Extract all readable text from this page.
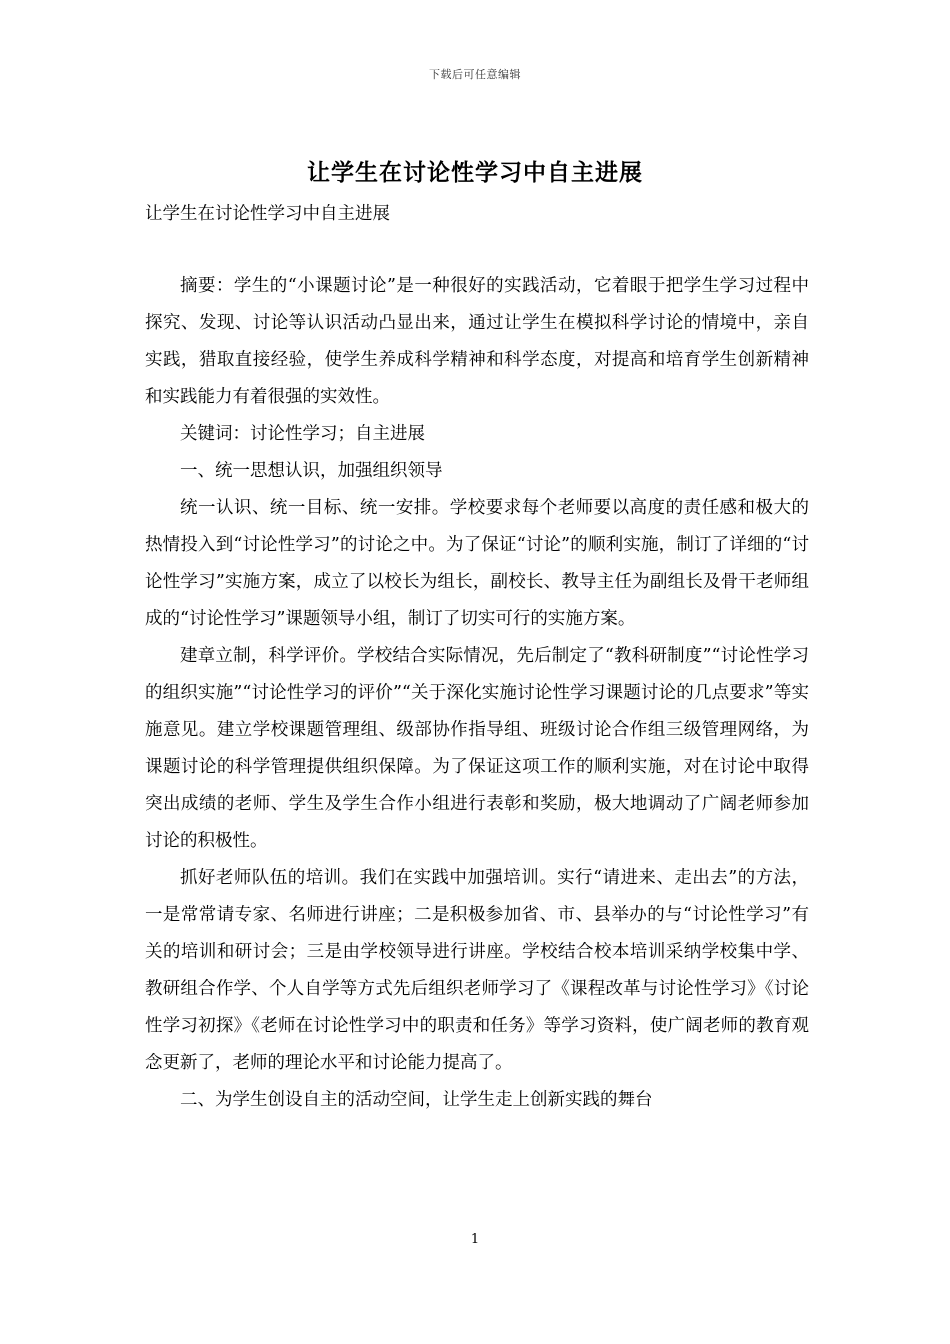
下载后可任意编辑
让学生在讨论性学习中自主进展

让学生在讨论性学习中自主进展

摘要：学生的“小课题讨论”是一种很好的实践活动，它着眼于把学生学习过程中探究、发现、讨论等认识活动凸显出来，通过让学生在模拟科学讨论的情境中，亲自实践，猎取直接经验，使学生养成科学精神和科学态度，对提高和培育学生创新精神和实践能力有着很强的实效性。

关键词：讨论性学习；自主进展

一、统一思想认识，加强组织领导

统一认识、统一目标、统一安排。学校要求每个老师要以高度的责任感和极大的热情投入到“讨论性学习”的讨论之中。为了保证“讨论”的顺利实施，制订了详细的“讨论性学习”实施方案，成立了以校长为组长，副校长、教导主任为副组长及骨干老师组成的“讨论性学习”课题领导小组，制订了切实可行的实施方案。

建章立制，科学评价。学校结合实际情况，先后制定了“教科研制度”“讨论性学习的组织实施”“讨论性学习的评价”“关于深化实施讨论性学习课题讨论的几点要求”等实施意见。建立学校课题管理组、级部协作指导组、班级讨论合作组三级管理网络，为课题讨论的科学管理提供组织保障。为了保证这项工作的顺利实施，对在讨论中取得突出成绩的老师、学生及学生合作小组进行表彰和奖励，极大地调动了广阔老师参加讨论的积极性。

抓好老师队伍的培训。我们在实践中加强培训。实行“请进来、走出去”的方法，一是常常请专家、名师进行讲座；二是积极参加省、市、县举办的与“讨论性学习”有关的培训和研讨会；三是由学校领导进行讲座。学校结合校本培训采纳学校集中学、教研组合作学、个人自学等方式先后组织老师学习了《课程改革与讨论性学习》《讨论性学习初探》《老师在讨论性学习中的职责和任务》等学习资料，使广阔老师的教育观念更新了，老师的理论水平和讨论能力提高了。

二、为学生创设自主的活动空间，让学生走上创新实践的舞台

1
